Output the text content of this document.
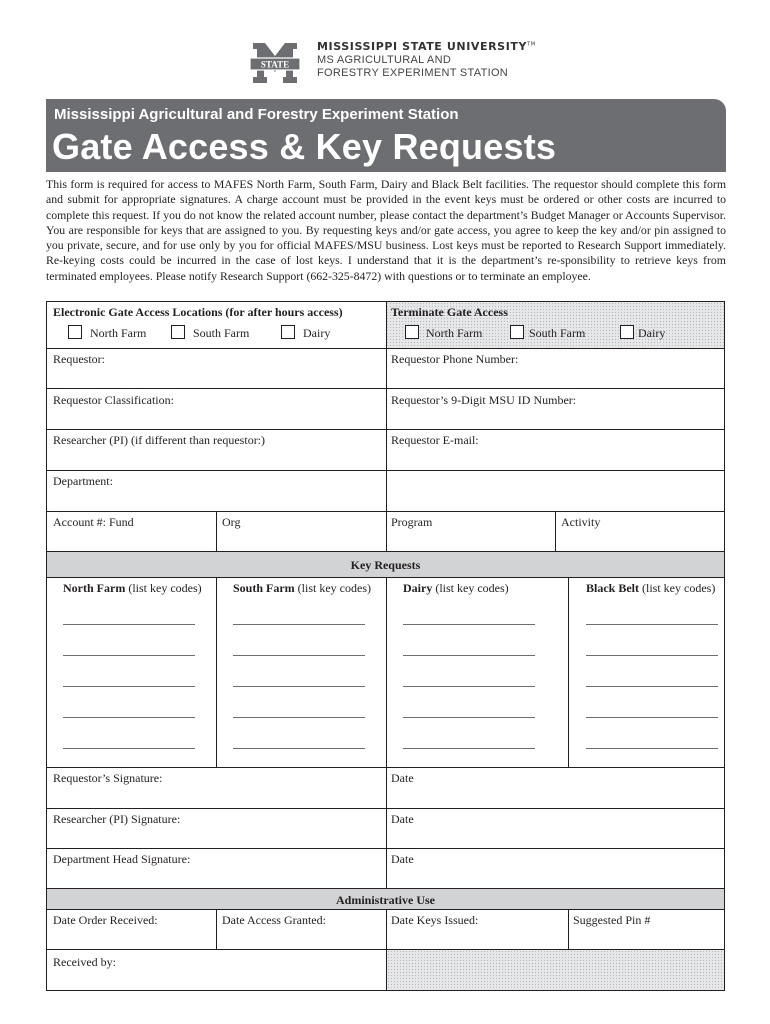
STATE
MISSISSIPPI STATE UNIVERSITY™
MS AGRICULTURAL AND
FORESTRY EXPERIMENT STATION
Mississippi Agricultural and Forestry Experiment Station
Gate Access & Key Requests
This form is required for access to MAFES North Farm, South Farm, Dairy and Black Belt facilities. The requestor should complete this form and submit for appropriate signatures. A charge account must be provided in the event keys must be ordered or other costs are incurred to complete this request. If you do not know the related account number, please contact the department’s Budget Manager or Accounts Supervisor. You are responsible for keys that are assigned to you. By requesting keys and/or gate access, you agree to keep the key and/or pin assigned to you private, secure, and for use only by you for official MAFES/MSU business. Lost keys must be reported to Research Support immediately. Re-keying costs could be incurred in the case of lost keys. I understand that it is the department’s re-sponsibility to retrieve keys from terminated employees. Please notify Research Support (662-325-8472) with questions or to terminate an employee.
Electronic Gate Access Locations (for after hours access)
North Farm	South Farm	Dairy
Terminate Gate Access
North Farm	South Farm	Dairy
Requestor:	Requestor Phone Number:
Requestor Classification:	Requestor’s 9-Digit MSU ID Number:
Researcher (PI) (if different than requestor:)	Requestor E-mail:
Department:
Account #: Fund	Org	Program	Activity
Key Requests
North Farm (list key codes)	South Farm (list key codes)	Dairy (list key codes)	Black Belt (list key codes)
Requestor’s Signature:	Date
Researcher (PI) Signature:	Date
Department Head Signature:	Date
Administrative Use
Date Order Received:	Date Access Granted:	Date Keys Issued:	Suggested Pin #
Received by:
